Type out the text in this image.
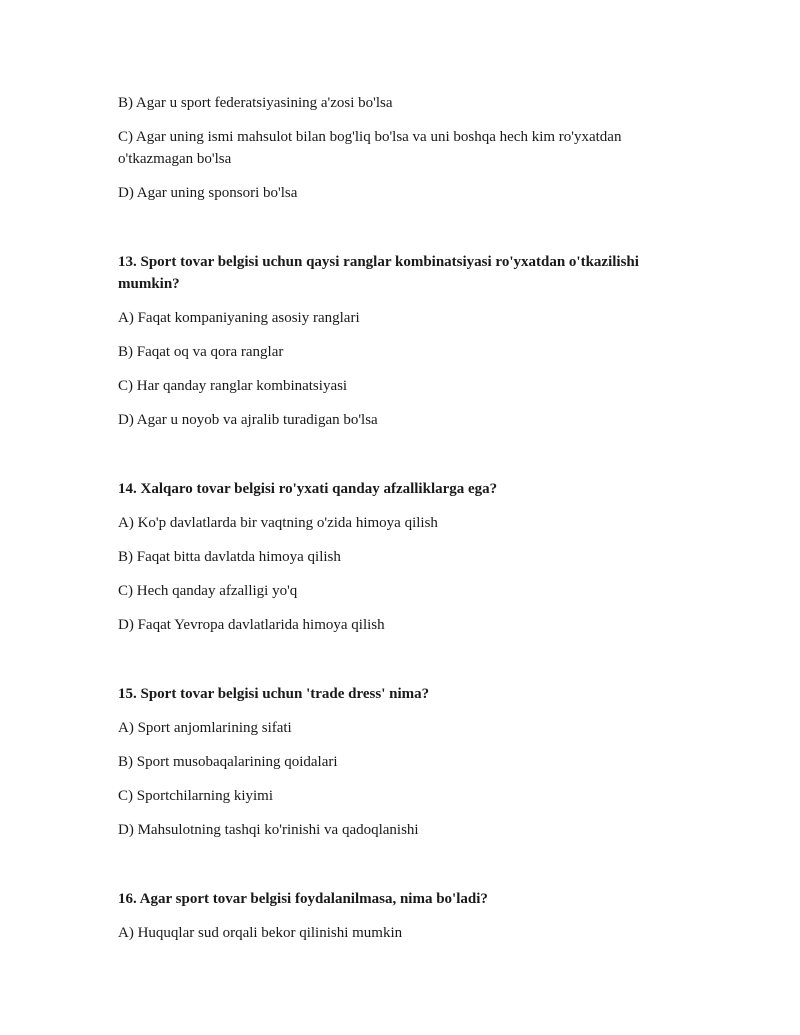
B) Agar u sport federatsiyasining a'zosi bo'lsa

C) Agar uning ismi mahsulot bilan bog'liq bo'lsa va uni boshqa hech kim ro'yxatdan o'tkazmagan bo'lsa

D) Agar uning sponsori bo'lsa

13. Sport tovar belgisi uchun qaysi ranglar kombinatsiyasi ro'yxatdan o'tkazilishi mumkin?

A) Faqat kompaniyaning asosiy ranglari

B) Faqat oq va qora ranglar

C) Har qanday ranglar kombinatsiyasi

D) Agar u noyob va ajralib turadigan bo'lsa

14. Xalqaro tovar belgisi ro'yxati qanday afzalliklarga ega?

A) Ko'p davlatlarda bir vaqtning o'zida himoya qilish

B) Faqat bitta davlatda himoya qilish

C) Hech qanday afzalligi yo'q

D) Faqat Yevropa davlatlarida himoya qilish

15. Sport tovar belgisi uchun 'trade dress' nima?

A) Sport anjomlarining sifati

B) Sport musobaqalarining qoidalari

C) Sportchilarning kiyimi

D) Mahsulotning tashqi ko'rinishi va qadoqlanishi

16. Agar sport tovar belgisi foydalanilmasa, nima bo'ladi?

A) Huquqlar sud orqali bekor qilinishi mumkin
